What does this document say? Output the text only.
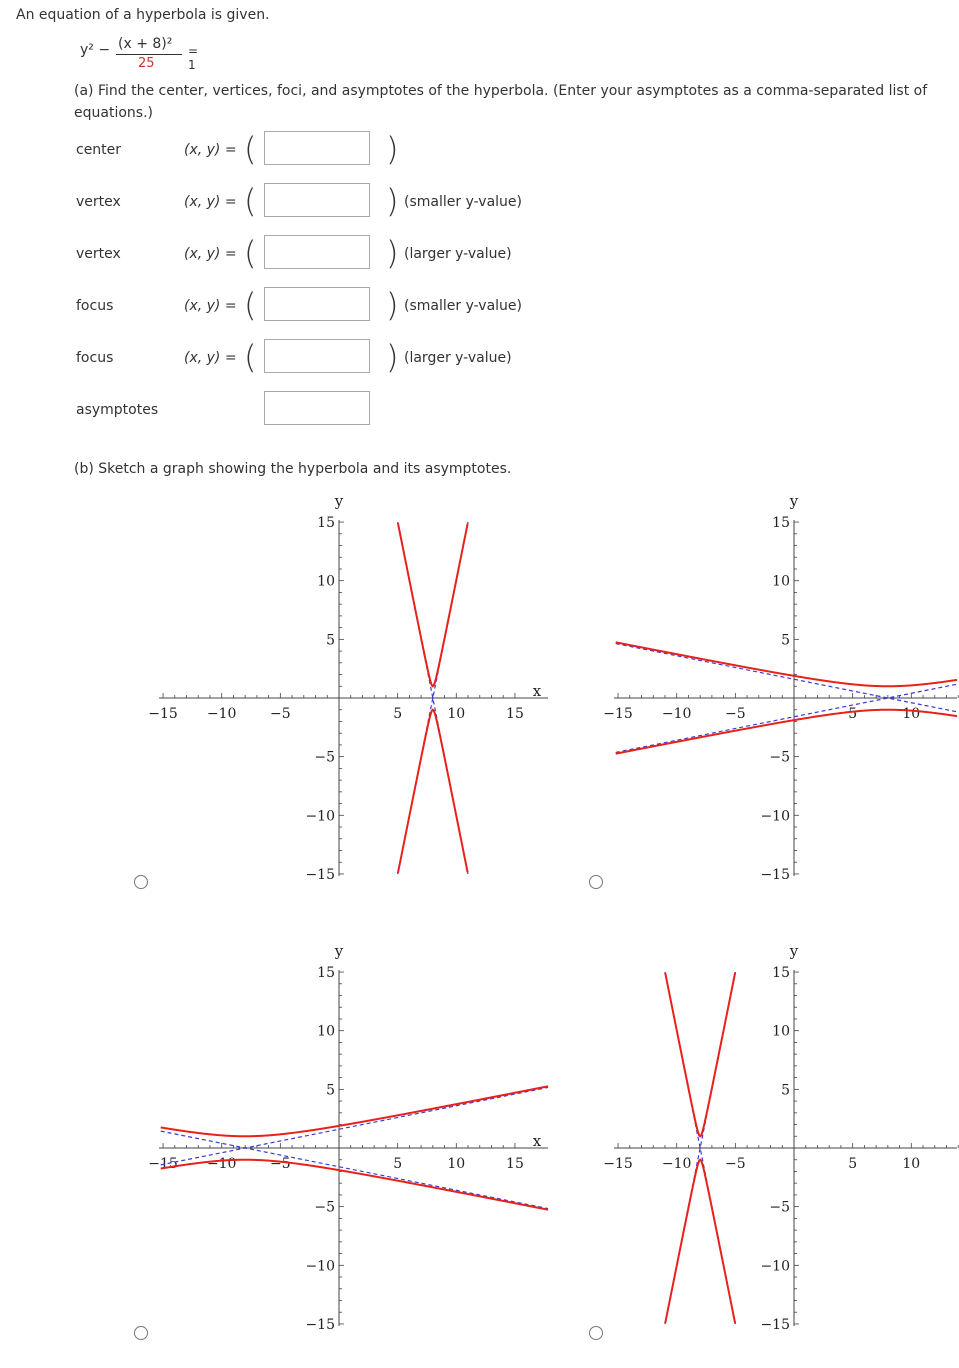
An equation of a hyperbola is given.
y² − (x + 8)²
25
= 1
(a) Find the center, vertices, foci, and asymptotes of the hyperbola. (Enter your asymptotes as a comma-separated list of equations.)
center	(x, y) = (	)
vertex	(x, y) = (	) (smaller y-value)
vertex	(x, y) = (	) (larger y-value)
focus	(x, y) = (	) (smaller y-value)
focus	(x, y) = (	) (larger y-value)
asymptotes
(b) Sketch a graph showing the hyperbola and its asymptotes.
−15 −10 −5	5	10	15
−15
−10
−5
5
10
15
y
x
−15 −10 −5	5	10
−15
−10
−5
5
10
15
y
−15 −10 −5	5	10	15
−15
−10
−5
5
10
15
y
x
−15 −10 −5	5	10
−15
−10
−5
5
10
15
y
